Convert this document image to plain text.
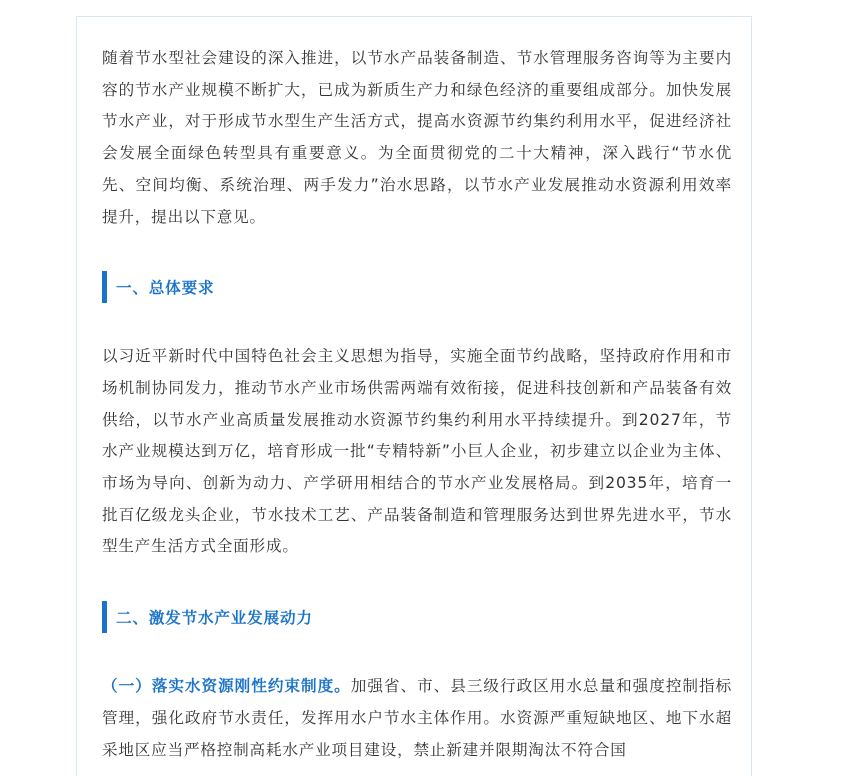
随着节水型社会建设的深入推进，以节水产品装备制造、节水管理服务咨询等为主要内容的节水产业规模不断扩大，已成为新质生产力和绿色经济的重要组成部分。加快发展节水产业，对于形成节水型生产生活方式，提高水资源节约集约利用水平，促进经济社会发展全面绿色转型具有重要意义。为全面贯彻党的二十大精神，深入践行“节水优先、空间均衡、系统治理、两手发力”治水思路，以节水产业发展推动水资源利用效率提升，提出以下意见。

一、总体要求

以习近平新时代中国特色社会主义思想为指导，实施全面节约战略，坚持政府作用和市场机制协同发力，推动节水产业市场供需两端有效衔接，促进科技创新和产品装备有效供给，以节水产业高质量发展推动水资源节约集约利用水平持续提升。到2027年，节水产业规模达到万亿，培育形成一批“专精特新”小巨人企业，初步建立以企业为主体、市场为导向、创新为动力、产学研用相结合的节水产业发展格局。到2035年，培育一批百亿级龙头企业，节水技术工艺、产品装备制造和管理服务达到世界先进水平，节水型生产生活方式全面形成。

二、激发节水产业发展动力

（一）落实水资源刚性约束制度。加强省、市、县三级行政区用水总量和强度控制指标管理，强化政府节水责任，发挥用水户节水主体作用。水资源严重短缺地区、地下水超采地区应当严格控制高耗水产业项目建设，禁止新建并限期淘汰不符合国
